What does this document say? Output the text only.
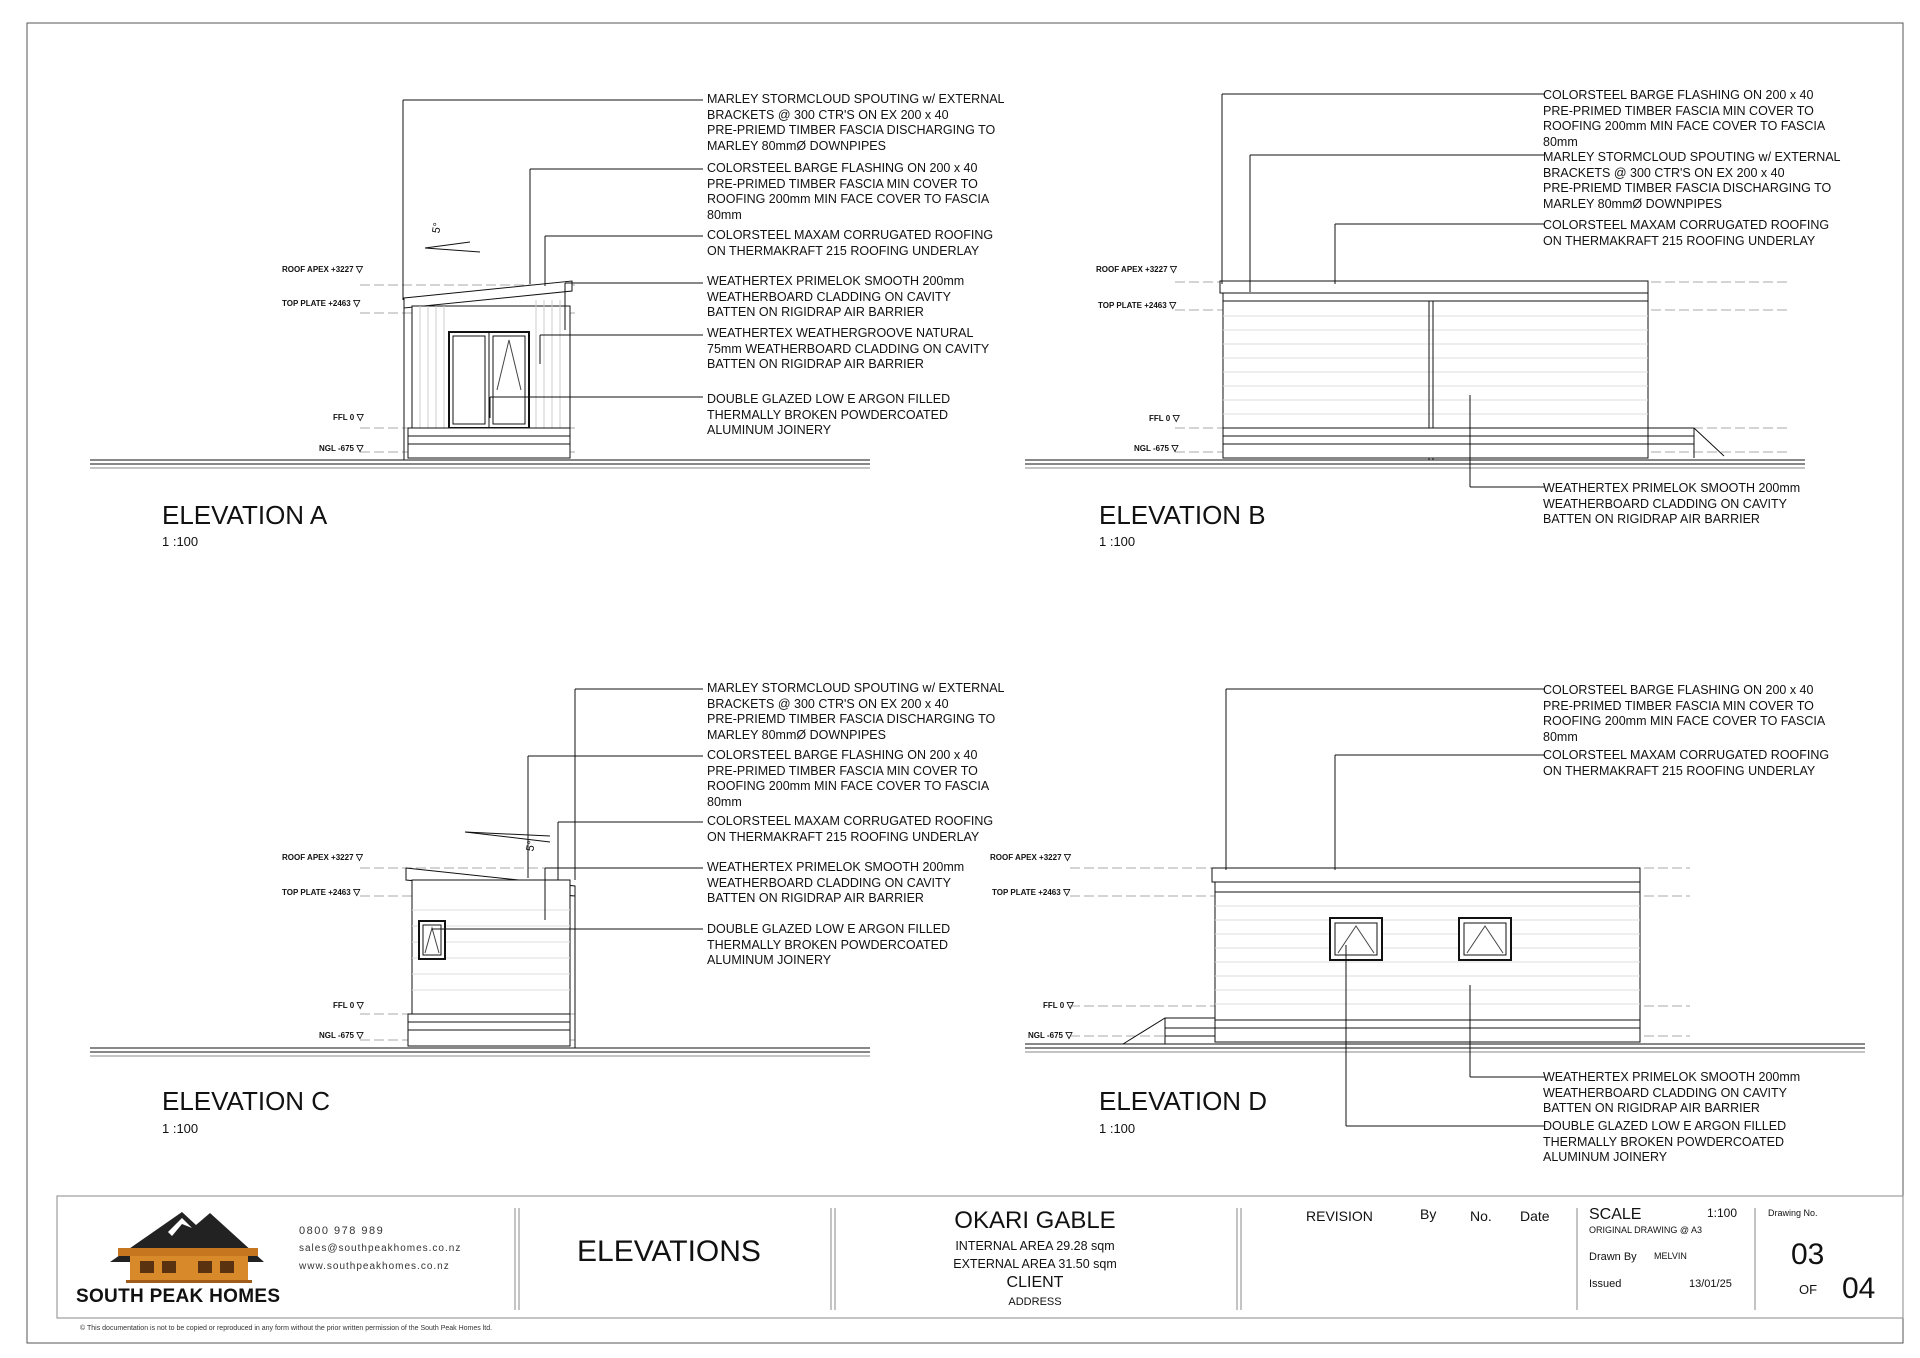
ROOF APEX +3227 ▽
TOP PLATE +2463 ▽
FFL 0 ▽
NGL -675 ▽
5°
MARLEY STORMCLOUD SPOUTING w/ EXTERNAL
BRACKETS @ 300 CTR'S ON EX 200 x 40
PRE-PRIEMD TIMBER FASCIA DISCHARGING TO
MARLEY 80mmØ DOWNPIPES
COLORSTEEL BARGE FLASHING ON 200 x 40
PRE-PRIMED TIMBER FASCIA MIN COVER TO
ROOFING 200mm MIN FACE COVER TO FASCIA
80mm
COLORSTEEL MAXAM CORRUGATED ROOFING
ON THERMAKRAFT 215 ROOFING UNDERLAY
WEATHERTEX PRIMELOK SMOOTH 200mm
WEATHERBOARD CLADDING ON CAVITY
BATTEN ON RIGIDRAP AIR BARRIER
WEATHERTEX WEATHERGROOVE NATURAL
75mm WEATHERBOARD CLADDING ON CAVITY
BATTEN ON RIGIDRAP AIR BARRIER
DOUBLE GLAZED LOW E ARGON FILLED
THERMALLY BROKEN POWDERCOATED
ALUMINUM JOINERY
ELEVATION A
1 :100
ROOF APEX +3227 ▽
TOP PLATE +2463 ▽
FFL 0 ▽
NGL -675 ▽
COLORSTEEL BARGE FLASHING ON 200 x 40
PRE-PRIMED TIMBER FASCIA MIN COVER TO
ROOFING 200mm MIN FACE COVER TO FASCIA
80mm
MARLEY STORMCLOUD SPOUTING w/ EXTERNAL
BRACKETS @ 300 CTR'S ON EX 200 x 40
PRE-PRIEMD TIMBER FASCIA DISCHARGING TO
MARLEY 80mmØ DOWNPIPES
COLORSTEEL MAXAM CORRUGATED ROOFING
ON THERMAKRAFT 215 ROOFING UNDERLAY
WEATHERTEX PRIMELOK SMOOTH 200mm
WEATHERBOARD CLADDING ON CAVITY
BATTEN ON RIGIDRAP AIR BARRIER
ELEVATION B
1 :100
ROOF APEX +3227 ▽
TOP PLATE +2463 ▽
FFL 0 ▽
NGL -675 ▽
5°
MARLEY STORMCLOUD SPOUTING w/ EXTERNAL
BRACKETS @ 300 CTR'S ON EX 200 x 40
PRE-PRIEMD TIMBER FASCIA DISCHARGING TO
MARLEY 80mmØ DOWNPIPES
COLORSTEEL BARGE FLASHING ON 200 x 40
PRE-PRIMED TIMBER FASCIA MIN COVER TO
ROOFING 200mm MIN FACE COVER TO FASCIA
80mm
COLORSTEEL MAXAM CORRUGATED ROOFING
ON THERMAKRAFT 215 ROOFING UNDERLAY
WEATHERTEX PRIMELOK SMOOTH 200mm
WEATHERBOARD CLADDING ON CAVITY
BATTEN ON RIGIDRAP AIR BARRIER
DOUBLE GLAZED LOW E ARGON FILLED
THERMALLY BROKEN POWDERCOATED
ALUMINUM JOINERY
ELEVATION C
1 :100
ROOF APEX +3227 ▽
TOP PLATE +2463 ▽
FFL 0 ▽
NGL -675 ▽
COLORSTEEL BARGE FLASHING ON 200 x 40
PRE-PRIMED TIMBER FASCIA MIN COVER TO
ROOFING 200mm MIN FACE COVER TO FASCIA
80mm
COLORSTEEL MAXAM CORRUGATED ROOFING
ON THERMAKRAFT 215 ROOFING UNDERLAY
WEATHERTEX PRIMELOK SMOOTH 200mm
WEATHERBOARD CLADDING ON CAVITY
BATTEN ON RIGIDRAP AIR BARRIER
DOUBLE GLAZED LOW E ARGON FILLED
THERMALLY BROKEN POWDERCOATED
ALUMINUM JOINERY
ELEVATION D
1 :100
SOUTH PEAK HOMES
0800 978 989
sales@southpeakhomes.co.nz
www.southpeakhomes.co.nz	ELEVATIONS
OKARI GABLE
INTERNAL AREA 29.28 sqm
EXTERNAL AREA 31.50 sqm
CLIENT
ADDRESS
REVISION	By No. Date SCALE	1:100
ORIGINAL DRAWING @ A3
Drawn By MELVIN
Issued	13/01/25
Drawing No.
03
OF 04
© This documentation is not to be copied or reproduced in any form without the prior written permission of the South Peak Homes ltd.
